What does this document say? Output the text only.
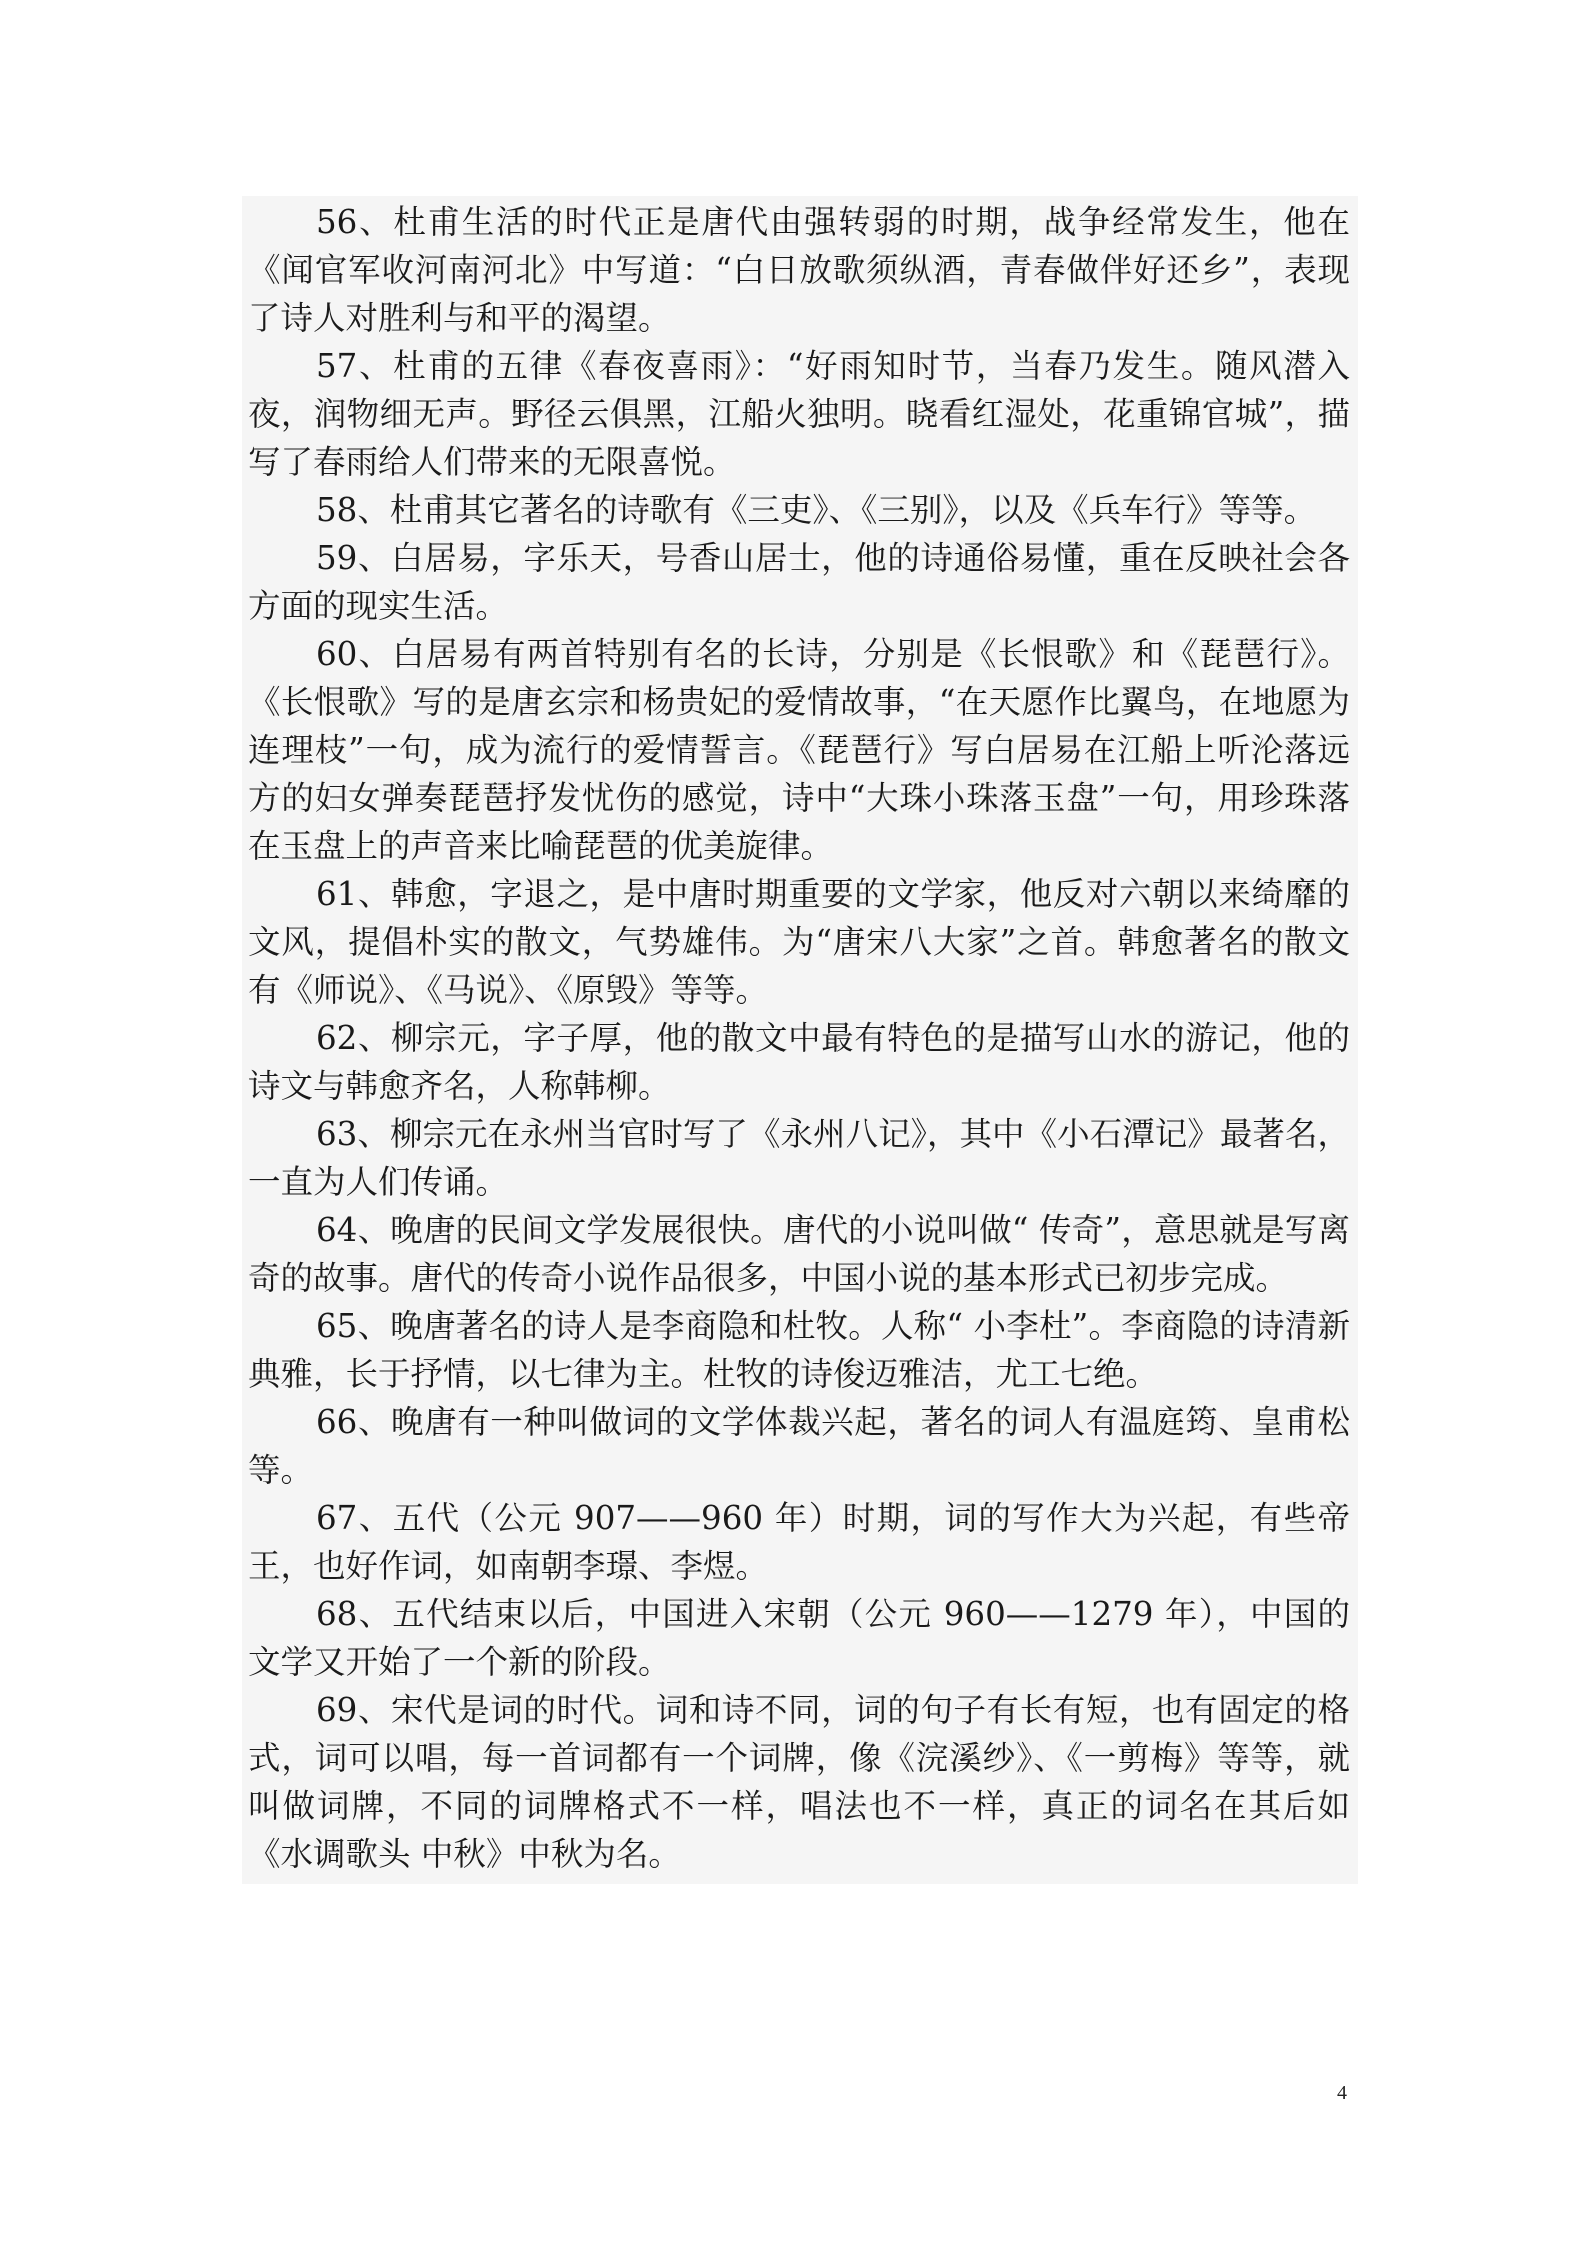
56、杜甫生活的时代正是唐代由强转弱的时期，战争经常发生，他在《闻官军收河南河北》中写道：“白日放歌须纵酒，青春做伴好还乡”，表现了诗人对胜利与和平的渴望。

57、杜甫的五律《春夜喜雨》：“好雨知时节，当春乃发生。随风潜入夜，润物细无声。野径云俱黑，江船火独明。晓看红湿处，花重锦官城”，描写了春雨给人们带来的无限喜悦。

58、杜甫其它著名的诗歌有《三吏》、《三别》，以及《兵车行》等等。

59、白居易，字乐天，号香山居士，他的诗通俗易懂，重在反映社会各方面的现实生活。

60、白居易有两首特别有名的长诗，分别是《长恨歌》和《琵琶行》。《长恨歌》写的是唐玄宗和杨贵妃的爱情故事，“在天愿作比翼鸟，在地愿为连理枝”一句，成为流行的爱情誓言。《琵琶行》写白居易在江船上听沦落远方的妇女弹奏琵琶抒发忧伤的感觉，诗中“大珠小珠落玉盘”一句，用珍珠落在玉盘上的声音来比喻琵琶的优美旋律。

61、韩愈，字退之，是中唐时期重要的文学家，他反对六朝以来绮靡的文风，提倡朴实的散文，气势雄伟。为“唐宋八大家”之首。韩愈著名的散文有《师说》、《马说》、《原毁》等等。

62、柳宗元，字子厚，他的散文中最有特色的是描写山水的游记，他的诗文与韩愈齐名，人称韩柳。

63、柳宗元在永州当官时写了《永州八记》，其中《小石潭记》最著名，一直为人们传诵。

64、晚唐的民间文学发展很快。唐代的小说叫做“ 传奇”，意思就是写离奇的故事。唐代的传奇小说作品很多，中国小说的基本形式已初步完成。

65、晚唐著名的诗人是李商隐和杜牧。人称“ 小李杜”。李商隐的诗清新典雅，长于抒情，以七律为主。杜牧的诗俊迈雅洁，尤工七绝。

66、晚唐有一种叫做词的文学体裁兴起，著名的词人有温庭筠、皇甫松等。

67、五代（公元 907——960 年）时期，词的写作大为兴起，有些帝王，也好作词，如南朝李璟、李煜。

68、五代结束以后，中国进入宋朝（公元 960——1279 年），中国的文学又开始了一个新的阶段。

69、宋代是词的时代。词和诗不同，词的句子有长有短，也有固定的格式，词可以唱，每一首词都有一个词牌，像《浣溪纱》、《一剪梅》等等，就叫做词牌，不同的词牌格式不一样，唱法也不一样，真正的词名在其后如《水调歌头 中秋》中秋为名。

4
